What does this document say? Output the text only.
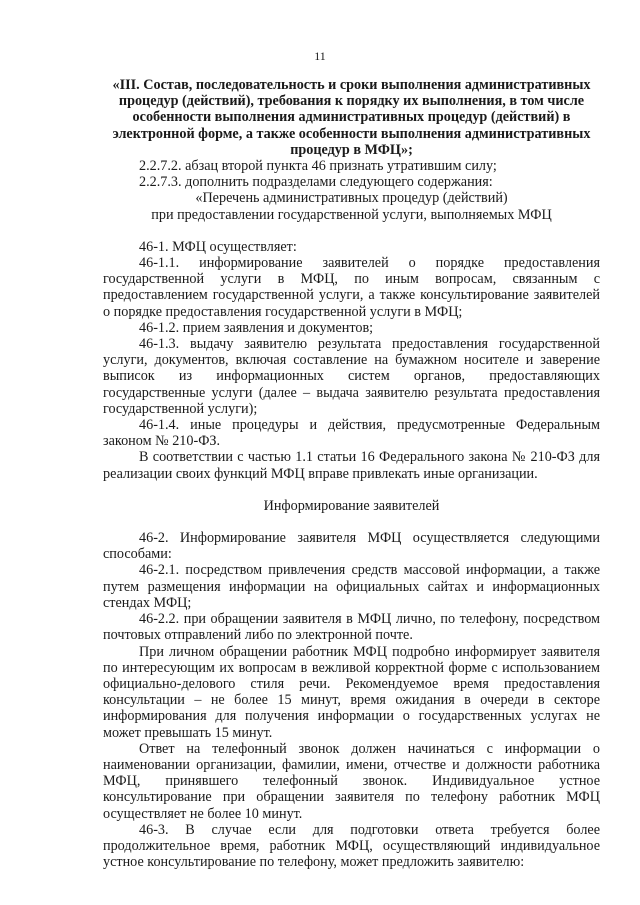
11
«III. Состав, последовательность и сроки выполнения административных процедур (действий), требования к порядку их выполнения, в том числе особенности выполнения административных процедур (действий) в электронной форме, а также особенности выполнения административных процедур в МФЦ»;

2.2.7.2. абзац второй пункта 46 признать утратившим силу;

2.2.7.3. дополнить подразделами следующего содержания:

«Перечень административных процедур (действий)
при предоставлении государственной услуги, выполняемых МФЦ

46-1. МФЦ осуществляет:

46-1.1. информирование заявителей о порядке предоставления государственной услуги в МФЦ, по иным вопросам, связанным с предоставлением государственной услуги, а также консультирование заявителей о порядке предоставления государственной услуги в МФЦ;

46-1.2. прием заявления и документов;

46-1.3. выдачу заявителю результата предоставления государственной услуги, документов, включая составление на бумажном носителе и заверение выписок из информационных систем органов, предоставляющих государственные услуги (далее – выдача заявителю результата предоставления государственной услуги);

46-1.4. иные процедуры и действия, предусмотренные Федеральным законом № 210-ФЗ.

В соответствии с частью 1.1 статьи 16 Федерального закона № 210-ФЗ для реализации своих функций МФЦ вправе привлекать иные организации.

Информирование заявителей

46-2. Информирование заявителя МФЦ осуществляется следующими способами:

46-2.1. посредством привлечения средств массовой информации, а также путем размещения информации на официальных сайтах и информационных стендах МФЦ;

46-2.2. при обращении заявителя в МФЦ лично, по телефону, посредством почтовых отправлений либо по электронной почте.

При личном обращении работник МФЦ подробно информирует заявителя по интересующим их вопросам в вежливой корректной форме с использованием официально-делового стиля речи. Рекомендуемое время предоставления консультации – не более 15 минут, время ожидания в очереди в секторе информирования для получения информации о государственных услугах не может превышать 15 минут.

Ответ на телефонный звонок должен начинаться с информации о наименовании организации, фамилии, имени, отчестве и должности работника МФЦ, принявшего телефонный звонок. Индивидуальное устное консультирование при обращении заявителя по телефону работник МФЦ осуществляет не более 10 минут.

46-3. В случае если для подготовки ответа требуется более продолжительное время, работник МФЦ, осуществляющий индивидуальное устное консультирование по телефону, может предложить заявителю:
